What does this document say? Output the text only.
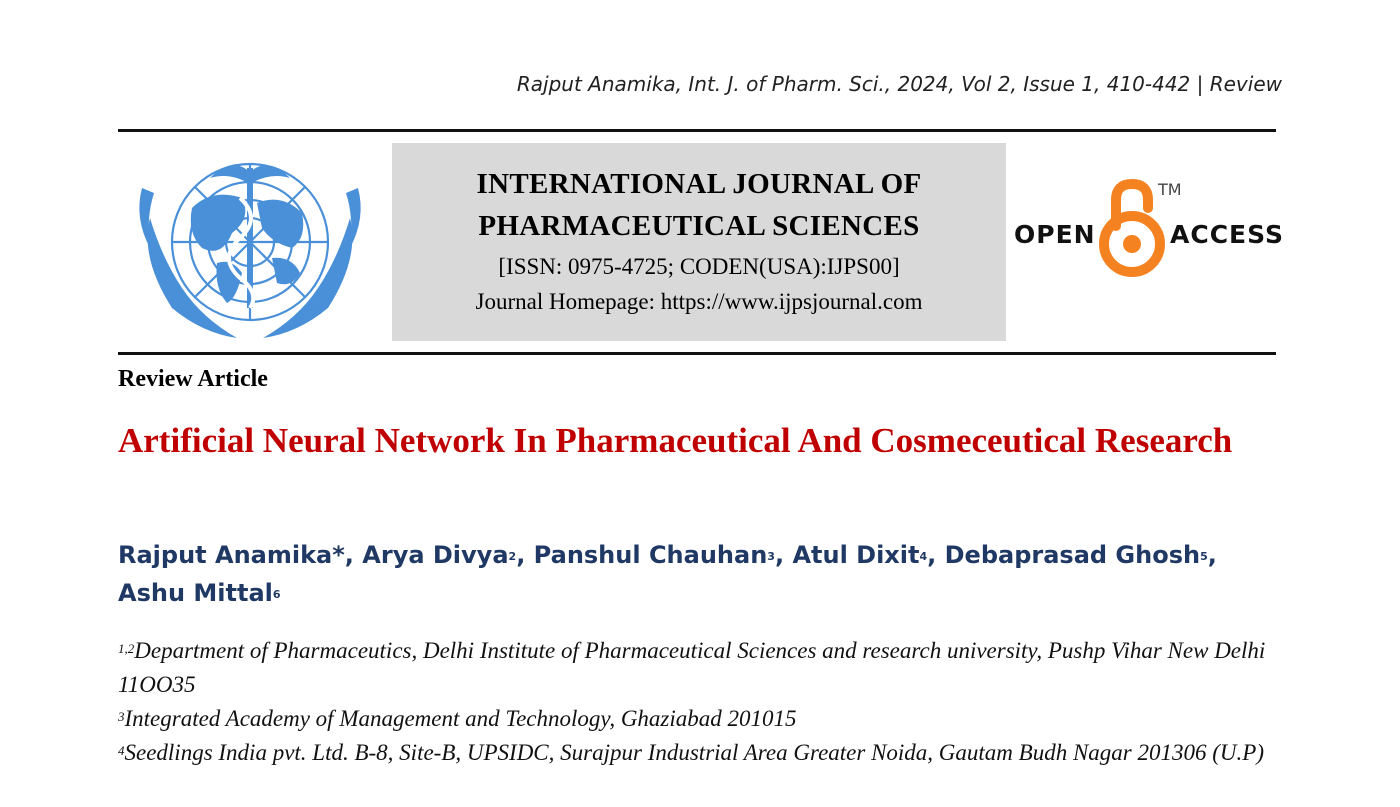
Rajput Anamika, Int. J. of Pharm. Sci., 2024, Vol 2, Issue 1, 410-442 | Review
INTERNATIONAL JOURNAL OF
PHARMACEUTICAL SCIENCES
[ISSN: 0975-4725; CODEN(USA):IJPS00]
Journal Homepage: https://www.ijpsjournal.com
OPEN
TM
ACCESS
Review Article
Artificial Neural Network In Pharmaceutical And Cosmeceutical Research
Rajput Anamika*, Arya Divya$^2$, Panshul Chauhan$^3$, Atul Dixit$^4$, Debaprasad Ghosh$^5$,
Ashu Mittal$^6$
$^{1,2}$Department of Pharmaceutics, Delhi Institute of Pharmaceutical Sciences and research university, Pushp Vihar New Delhi 11OO35
$^3$Integrated Academy of Management and Technology, Ghaziabad 201015
$^4$Seedlings India pvt. Ltd. B-8, Site-B, UPSIDC, Surajpur Industrial Area Greater Noida, Gautam Budh Nagar 201306 (U.P)
